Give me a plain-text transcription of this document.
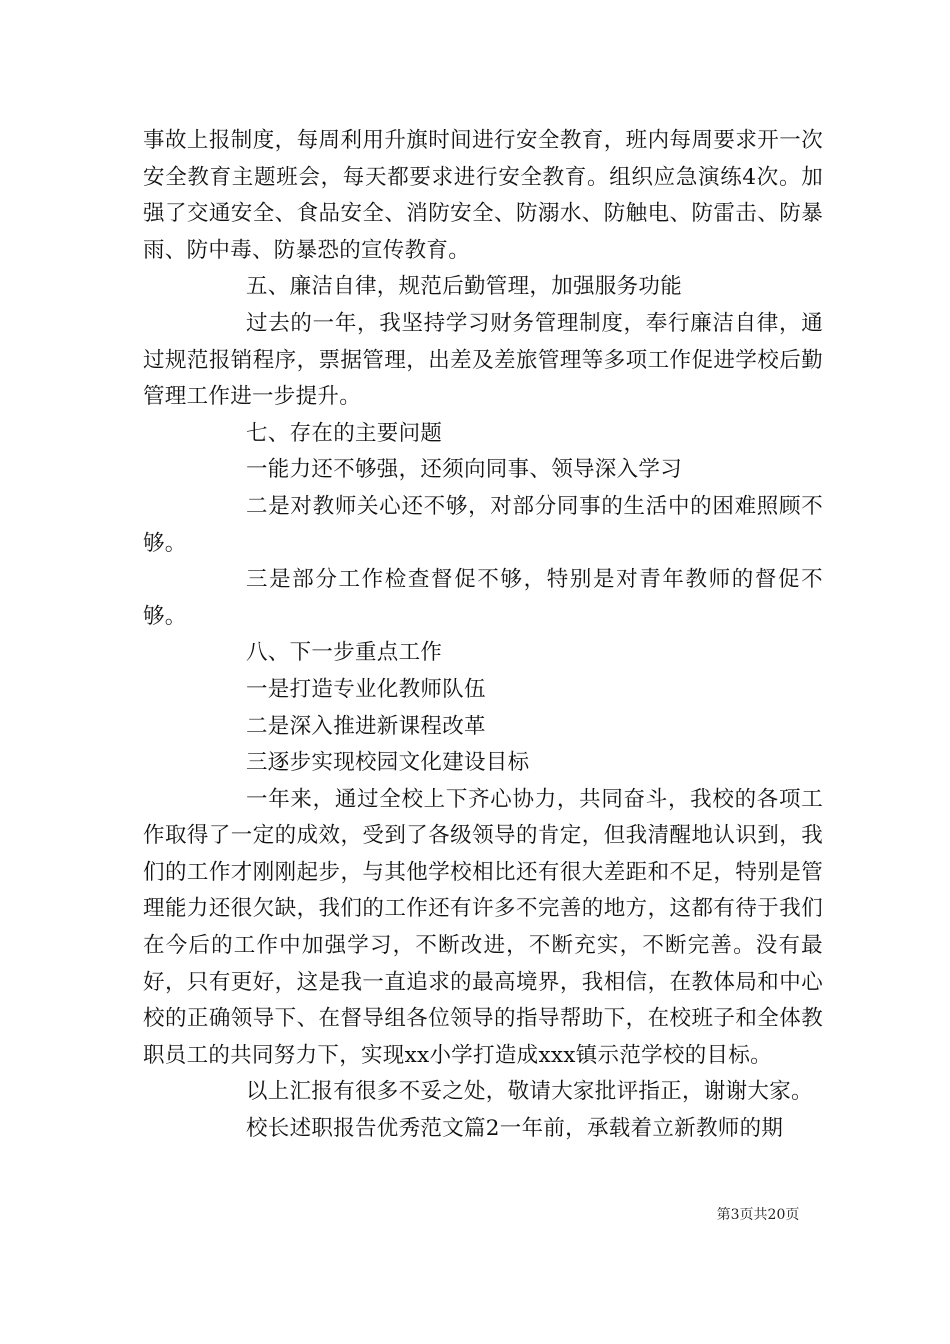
事故上报制度，每周利用升旗时间进行安全教育，班内每周要求开一次安全教育主题班会，每天都要求进行安全教育。组织应急演练4次。加强了交通安全、食品安全、消防安全、防溺水、防触电、防雷击、防暴雨、防中毒、防暴恐的宣传教育。

五、廉洁自律，规范后勤管理，加强服务功能

过去的一年，我坚持学习财务管理制度，奉行廉洁自律，通过规范报销程序，票据管理，出差及差旅管理等多项工作促进学校后勤管理工作进一步提升。

七、存在的主要问题

一能力还不够强，还须向同事、领导深入学习

二是对教师关心还不够，对部分同事的生活中的困难照顾不够。

三是部分工作检查督促不够，特别是对青年教师的督促不够。

八、下一步重点工作

一是打造专业化教师队伍

二是深入推进新课程改革

三逐步实现校园文化建设目标

一年来，通过全校上下齐心协力，共同奋斗，我校的各项工作取得了一定的成效，受到了各级领导的肯定，但我清醒地认识到，我们的工作才刚刚起步，与其他学校相比还有很大差距和不足，特别是管理能力还很欠缺，我们的工作还有许多不完善的地方，这都有待于我们在今后的工作中加强学习，不断改进，不断充实，不断完善。没有最好，只有更好，这是我一直追求的最高境界，我相信，在教体局和中心校的正确领导下、在督导组各位领导的指导帮助下，在校班子和全体教职员工的共同努力下，实现xx小学打造成xxx镇示范学校的目标。

以上汇报有很多不妥之处，敬请大家批评指正，谢谢大家。

校长述职报告优秀范文篇2一年前，承载着立新教师的期

第3页共20页
